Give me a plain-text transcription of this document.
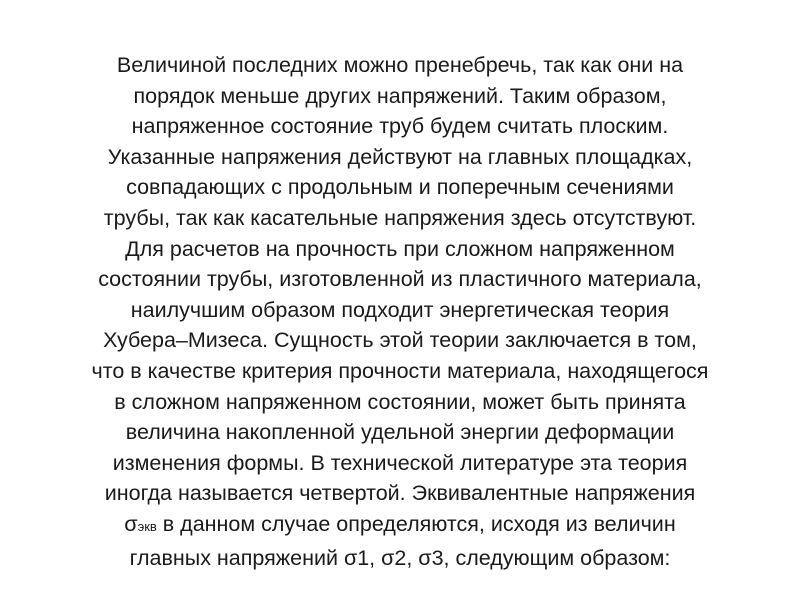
Величиной последних можно пренебречь, так как они на
порядок меньше других напряжений. Таким образом,
напряженное состояние труб будем считать плоским.
Указанные напряжения действуют на главных площадках,
совпадающих с продольным и поперечным сечениями
трубы, так как касательные напряжения здесь отсутствуют.
Для расчетов на прочность при сложном напряженном
состоянии трубы, изготовленной из пластичного материала,
наилучшим образом подходит энергетическая теория
Хубера–Мизеса. Сущность этой теории заключается в том,
что в качестве критерия прочности материала, находящегося
в сложном напряженном состоянии, может быть принята
величина накопленной удельной энергии деформации
изменения формы. В технической литературе эта теория
иногда называется четвертой. Эквивалентные напряжения
σэкв в данном случае определяются, исходя из величин
главных напряжений σ1, σ2, σ3, следующим образом:
